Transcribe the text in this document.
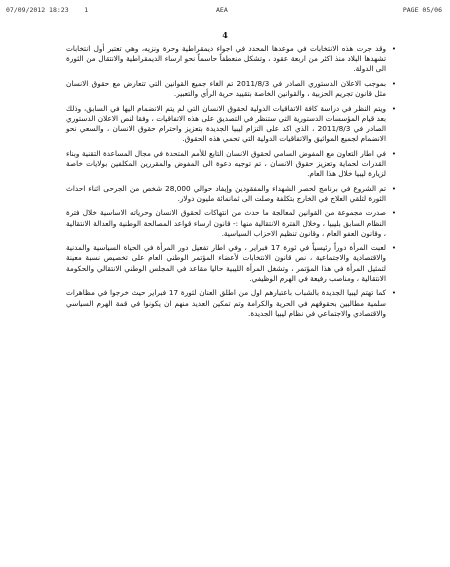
07/09/2012 18:23 1	AEA	PAGE 05/06
4
•
وقد جرت هذه الانتخابات في موعدها المحدد في اجواء ديمقراطية وحرة ونزيه، وهي تعتبر أول انتخابات تشهدها البلاد منذ اكثر من اربعة عقود ، وتشكل منعطفاً حاسماً نحو ارساء الديمقراطية والانتقال من الثورة الى الدولة.
•
بموجب الاعلان الدستوري الصادر في 2011/8/3 تم الغاء جميع القوانين التي تتعارض مع حقوق الانسان مثل قانون تجريم الحزبية ، والقوانين الخاصة بتقييد حرية الرأي والتعبير.
•
ويتم النظر في دراسة كافة الاتفاقيات الدولية لحقوق الانسان التي لم يتم الانضمام اليها في السابق، وذلك بعد قيام المؤسسات الدستورية التي ستنظر في التصديق على هذه الاتفاقيات ، وفقا لنص الاعلان الدستوري الصادر في 2011/8/3 ، الذي اكد على التزام ليبيا الجديدة بتعزيز واحترام حقوق الانسان ، والسعي نحو الانضمام لجميع المواثيق والاتفاقيات الدولية التي تحمي هذه الحقوق.
•
في اطار التعاون مع المفوض السامي لحقوق الانسان التابع للأمم المتحدة في مجال المساعدة التقنية وبناء القدرات لحماية وتعزيز حقوق الانسان ، تم توجيه دعوة الى المفوض والمقررين المكلفين بولايات خاصة لزيارة ليبيا خلال هذا العام.
•
تم الشروع في برنامج لحصر الشهداء والمفقودين وإيفاد حوالي 28,000 شخص من الجرحى اثناء احداث الثورة لتلقي العلاج في الخارج بتكلفة وصلت الى ثمانمائة مليون دولار.
•
صدرت مجموعة من القوانين لمعالجة ما حدث من انتهاكات لحقوق الانسان وحرياته الاساسية خلال فترة النظام السابق بليبيا ، وخلال الفترة الانتقالية منها :- قانون ارساء قواعد المصالحة الوطنية والعدالة الانتقالية ، وقانون العفو العام ، وقانون تنظيم الاحزاب السياسية.
•
لعبت المرأة دوراً رئيسياً في ثورة 17 فبراير ، وفي اطار تفعيل دور المرأة في الحياة السياسية والمدنية والاقتصادية والاجتماعية ، نص قانون الانتخابات لأعضاء المؤتمر الوطني العام على تخصيص نسبة معينة لتمثيل المرأة في هذا المؤتمر ، وتشغل المرأة الليبية حاليا مقاعد في المجلس الوطني الانتقالي والحكومة الانتقالية ، ومناصب رفيعة في الهرم الوظيفي.
•
كما تهتم ليبيا الجديدة بالشباب باعتبارهم اول من اطلق العنان لثورة 17 فبراير حيث خرجوا في مظاهرات سلمية مطالبين بحقوقهم في الحرية والكرامة وتم تمكين العديد منهم ان يكونوا في قمة الهرم السياسي والاقتصادي والاجتماعي في نظام ليبيا الجديدة.
